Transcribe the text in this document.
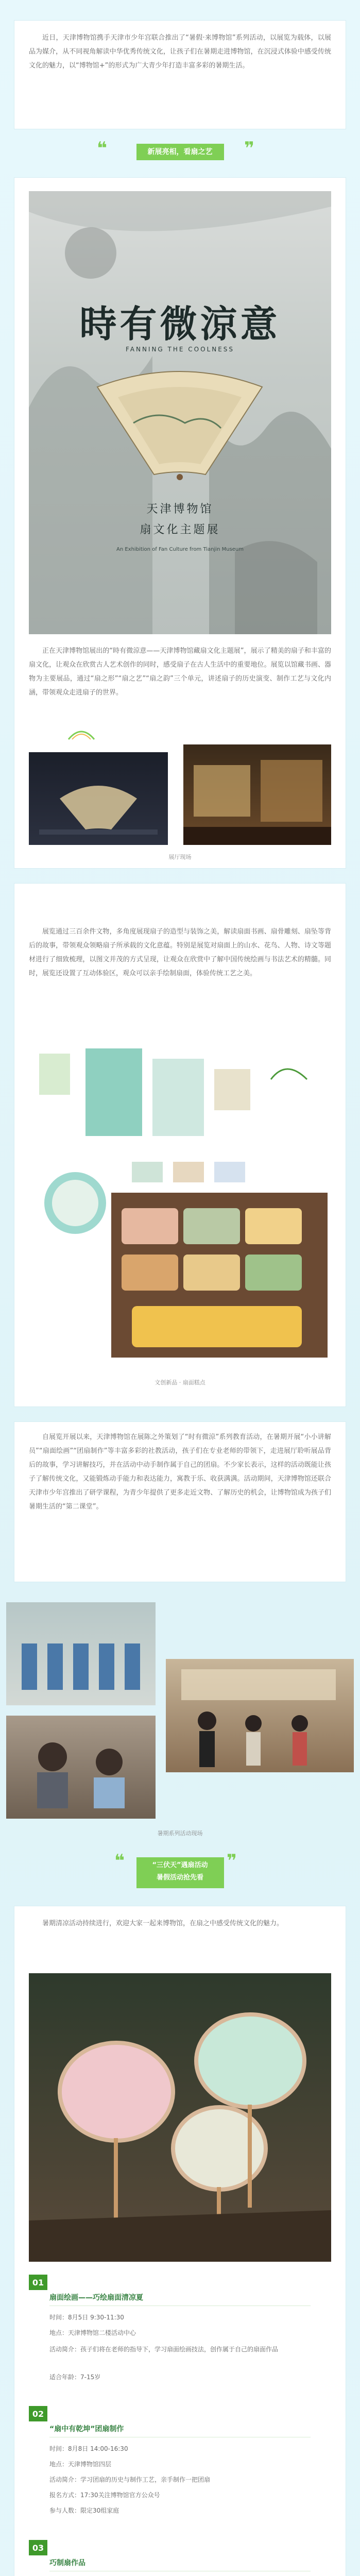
近日，天津博物馆携手天津市少年宫联合推出了“暑假·来博物馆”系列活动，以展览为载体，以展品为媒介，从不同视角解读中华优秀传统文化，让孩子们在暑期走进博物馆，在沉浸式体验中感受传统文化的魅力，以“博物馆+”的形式为广大青少年打造丰富多彩的暑期生活。

❝	新展亮相，看扇之艺	❞
時有微涼意
FANNING THE COOLNESS
天津博物馆
扇文化主题展
An Exhibition of Fan Culture from Tianjin Museum

正在天津博物馆展出的“時有微涼意——天津博物馆藏扇文化主题展”，展示了精美的扇子和丰富的扇文化，让观众在欣赏古人艺术创作的同时，感受扇子在古人生活中的重要地位。展览以馆藏书画、器物为主要展品，通过“扇之形”“扇之艺”“扇之韵”三个单元，讲述扇子的历史演变、制作工艺与文化内涵，带领观众走进扇子的世界。

展厅现场

展览通过三百余件文物，多角度展现扇子的造型与装饰之美，解读扇面书画、扇骨雕刻、扇坠等背后的故事，带领观众领略扇子所承载的文化意蕴。特别是展览对扇面上的山水、花鸟、人物、诗文等题材进行了细致梳理，以图文并茂的方式呈现，让观众在欣赏中了解中国传统绘画与书法艺术的精髓。同时，展览还设置了互动体验区，观众可以亲手绘制扇面，体验传统工艺之美。

文创新品 · 扇面糕点

自展览开展以来，天津博物馆在展陈之外策划了“时有微涼”系列教育活动，在暑期开展“小小讲解员”“扇面绘画”“团扇制作”等丰富多彩的社教活动，孩子们在专业老师的带领下，走进展厅聆听展品背后的故事，学习讲解技巧，并在活动中动手制作属于自己的团扇。不少家长表示，这样的活动既能让孩子了解传统文化，又能锻炼动手能力和表达能力，寓教于乐、收获满满。活动期间，天津博物馆还联合天津市少年宫推出了研学课程，为青少年提供了更多走近文物、了解历史的机会，让博物馆成为孩子们暑期生活的“第二课堂”。

暑期系列活动现场
❝	“三伏天”遇扇活动
暑假活动抢先看
❞

暑期清凉活动持续进行，欢迎大家一起来博物馆，在扇之中感受传统文化的魅力。

01
扇面绘画——巧绘扇面清凉夏
时间：8月5日 9:30-11:30
地点：天津博物馆二楼活动中心
活动简介：孩子们将在老师的指导下，学习扇面绘画技法，创作属于自己的扇面作品
适合年龄：7-15岁
02
“扇中有乾坤”团扇制作
时间：8月8日 14:00-16:30
地点：天津博物馆四层
活动简介：学习团扇的历史与制作工艺，亲手制作一把团扇
报名方式：17:30关注博物馆官方公众号
参与人数：限定30组家庭
03
巧制扇作品
